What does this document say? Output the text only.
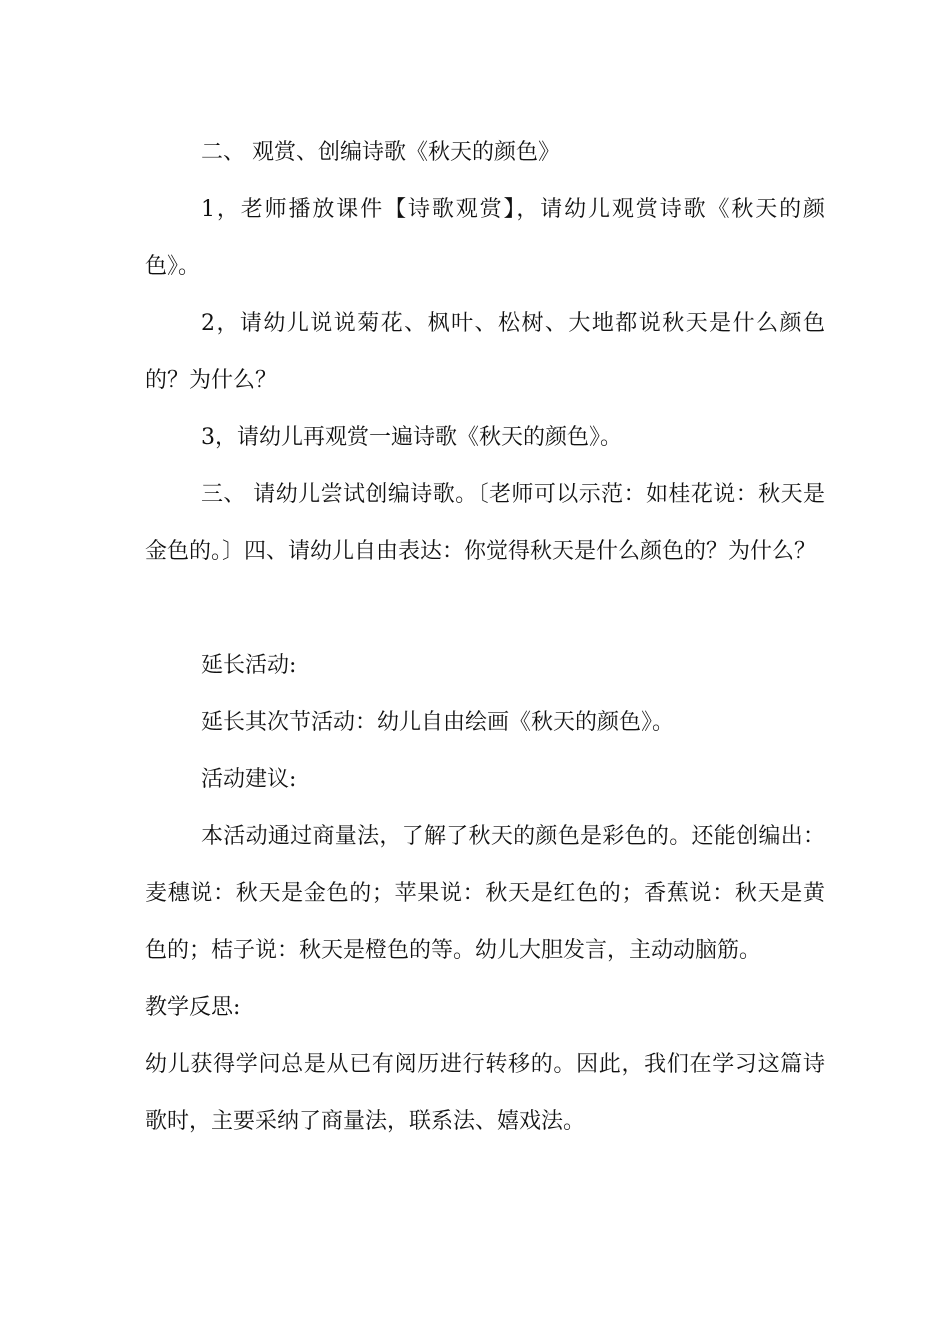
二、 观赏、创编诗歌《秋天的颜色》

1，老师播放课件【诗歌观赏】，请幼儿观赏诗歌《秋天的颜色》。

2，请幼儿说说菊花、枫叶、松树、大地都说秋天是什么颜色的？为什么？

3，请幼儿再观赏一遍诗歌《秋天的颜色》。

三、 请幼儿尝试创编诗歌。〔老师可以示范：如桂花说：秋天是金色的。〕四、请幼儿自由表达：你觉得秋天是什么颜色的？为什么？

延长活动:

延长其次节活动：幼儿自由绘画《秋天的颜色》。

活动建议:

本活动通过商量法，了解了秋天的颜色是彩色的。还能创编出：麦穗说：秋天是金色的；苹果说：秋天是红色的；香蕉说：秋天是黄色的；桔子说：秋天是橙色的等。幼儿大胆发言，主动动脑筋。

教学反思:

幼儿获得学问总是从已有阅历进行转移的。因此，我们在学习这篇诗歌时，主要采纳了商量法，联系法、嬉戏法。
